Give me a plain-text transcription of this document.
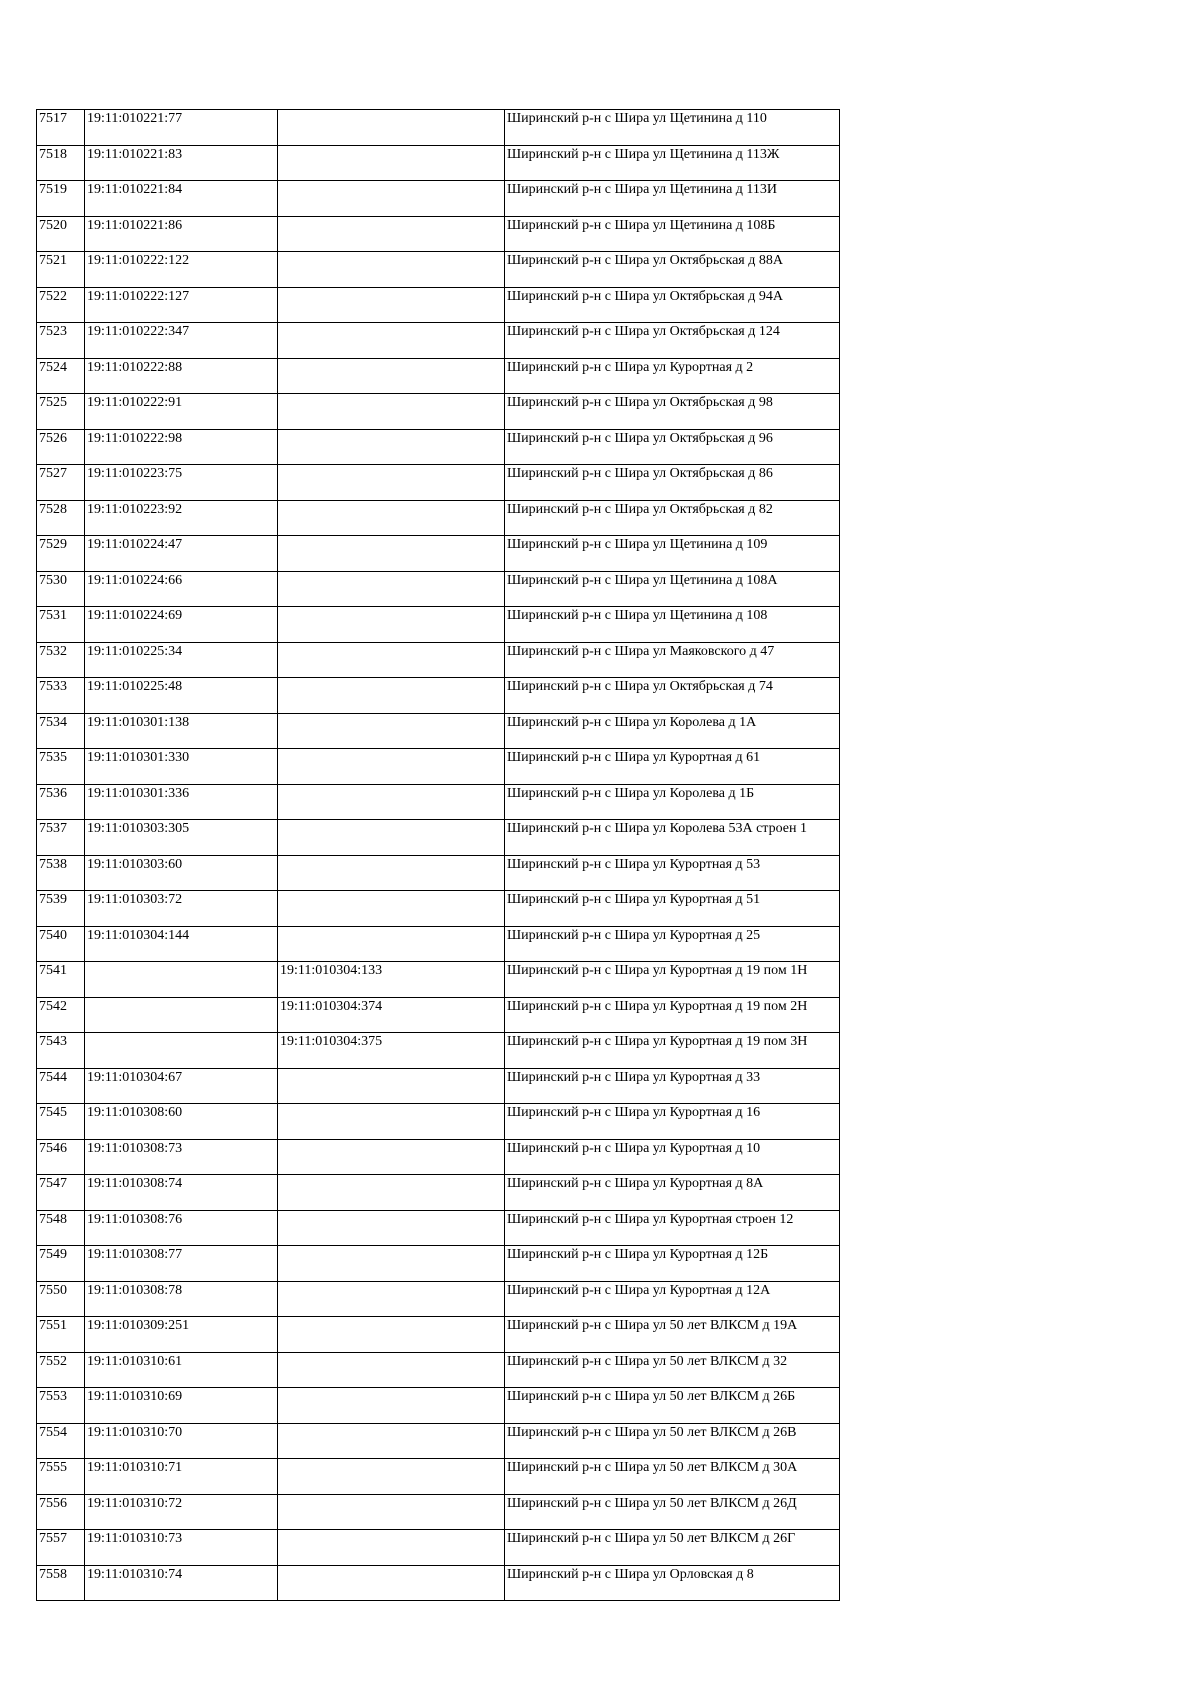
7517	19:11:010221:77		Ширинский р-н с Шира ул Щетинина д 110
7518	19:11:010221:83		Ширинский р-н с Шира ул Щетинина д 113Ж
7519	19:11:010221:84		Ширинский р-н с Шира ул Щетинина д 113И
7520	19:11:010221:86		Ширинский р-н с Шира ул Щетинина д 108Б
7521	19:11:010222:122		Ширинский р-н с Шира ул Октябрьская д 88А
7522	19:11:010222:127		Ширинский р-н с Шира ул Октябрьская д 94А
7523	19:11:010222:347		Ширинский р-н с Шира ул Октябрьская д 124
7524	19:11:010222:88		Ширинский р-н с Шира ул Курортная д 2
7525	19:11:010222:91		Ширинский р-н с Шира ул Октябрьская д 98
7526	19:11:010222:98		Ширинский р-н с Шира ул Октябрьская д 96
7527	19:11:010223:75		Ширинский р-н с Шира ул Октябрьская д 86
7528	19:11:010223:92		Ширинский р-н с Шира ул Октябрьская д 82
7529	19:11:010224:47		Ширинский р-н с Шира ул Щетинина д 109
7530	19:11:010224:66		Ширинский р-н с Шира ул Щетинина д 108А
7531	19:11:010224:69		Ширинский р-н с Шира ул Щетинина д 108
7532	19:11:010225:34		Ширинский р-н с Шира ул Маяковского д 47
7533	19:11:010225:48		Ширинский р-н с Шира ул Октябрьская д 74
7534	19:11:010301:138		Ширинский р-н с Шира ул Королева д 1А
7535	19:11:010301:330		Ширинский р-н с Шира ул Курортная д 61
7536	19:11:010301:336		Ширинский р-н с Шира ул Королева д 1Б
7537	19:11:010303:305		Ширинский р-н с Шира ул Королева 53А строен 1
7538	19:11:010303:60		Ширинский р-н с Шира ул Курортная д 53
7539	19:11:010303:72		Ширинский р-н с Шира ул Курортная д 51
7540	19:11:010304:144		Ширинский р-н с Шира ул Курортная д 25
7541		19:11:010304:133	Ширинский р-н с Шира ул Курортная д 19 пом 1Н
7542		19:11:010304:374	Ширинский р-н с Шира ул Курортная д 19 пом 2Н
7543		19:11:010304:375	Ширинский р-н с Шира ул Курортная д 19 пом 3Н
7544	19:11:010304:67		Ширинский р-н с Шира ул Курортная д 33
7545	19:11:010308:60		Ширинский р-н с Шира ул Курортная д 16
7546	19:11:010308:73		Ширинский р-н с Шира ул Курортная д 10
7547	19:11:010308:74		Ширинский р-н с Шира ул Курортная д 8А
7548	19:11:010308:76		Ширинский р-н с Шира ул Курортная строен 12
7549	19:11:010308:77		Ширинский р-н с Шира ул Курортная д 12Б
7550	19:11:010308:78		Ширинский р-н с Шира ул Курортная д 12А
7551	19:11:010309:251		Ширинский р-н с Шира ул 50 лет ВЛКСМ д 19А
7552	19:11:010310:61		Ширинский р-н с Шира ул 50 лет ВЛКСМ д 32
7553	19:11:010310:69		Ширинский р-н с Шира ул 50 лет ВЛКСМ д 26Б
7554	19:11:010310:70		Ширинский р-н с Шира ул 50 лет ВЛКСМ д 26В
7555	19:11:010310:71		Ширинский р-н с Шира ул 50 лет ВЛКСМ д 30А
7556	19:11:010310:72		Ширинский р-н с Шира ул 50 лет ВЛКСМ д 26Д
7557	19:11:010310:73		Ширинский р-н с Шира ул 50 лет ВЛКСМ д 26Г
7558	19:11:010310:74		Ширинский р-н с Шира ул Орловская д 8
